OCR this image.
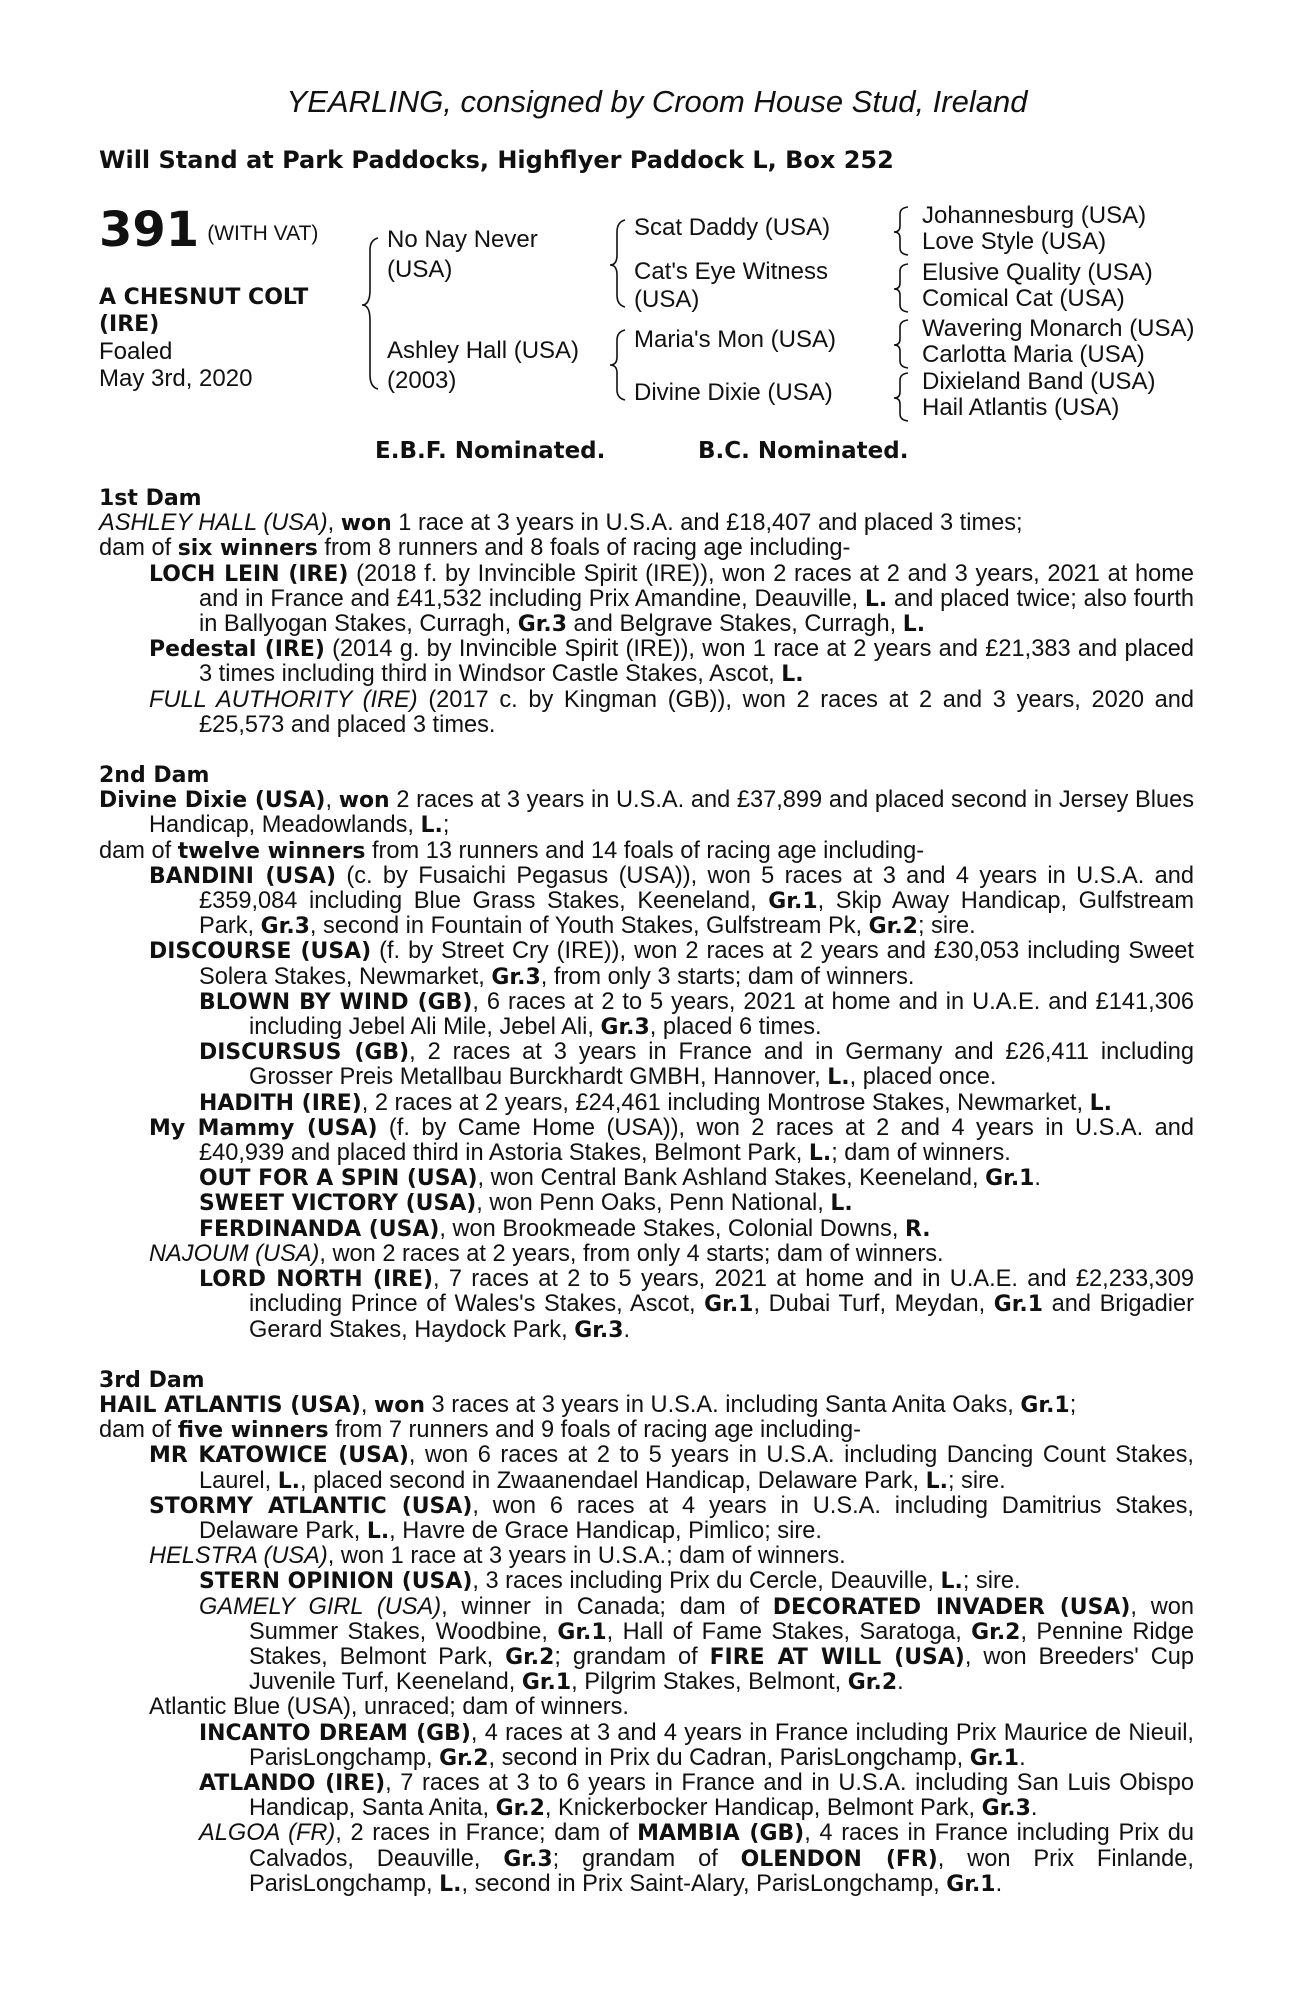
YEARLING, consigned by Croom House Stud, Ireland
Will Stand at Park Paddocks, Highflyer Paddock L, Box 252
391 (WITH VAT)
A CHESNUT COLT
(IRE)
Foaled
May 3rd, 2020
No Nay Never
(USA)
Ashley Hall (USA)
(2003)
Scat Daddy (USA)
Cat's Eye Witness
(USA)
Maria's Mon (USA)
Divine Dixie (USA)
Johannesburg (USA)
Love Style (USA)
Elusive Quality (USA)
Comical Cat (USA)
Wavering Monarch (USA)
Carlotta Maria (USA)
Dixieland Band (USA)
Hail Atlantis (USA)
E.B.F. Nominated.	B.C. Nominated.

1st Dam

ASHLEY HALL (USA), won 1 race at 3 years in U.S.A. and £18,407 and placed 3 times;

dam of six winners from 8 runners and 8 foals of racing age including-

LOCH LEIN (IRE) (2018 f. by Invincible Spirit (IRE)), won 2 races at 2 and 3 years, 2021 at home and in France and £41,532 including Prix Amandine, Deauville, L. and placed twice; also fourth in Ballyogan Stakes, Curragh, Gr.3 and Belgrave Stakes, Curragh, L.

Pedestal (IRE) (2014 g. by Invincible Spirit (IRE)), won 1 race at 2 years and £21,383 and placed 3 times including third in Windsor Castle Stakes, Ascot, L.

FULL AUTHORITY (IRE) (2017 c. by Kingman (GB)), won 2 races at 2 and 3 years, 2020 and £25,573 and placed 3 times.

2nd Dam

Divine Dixie (USA), won 2 races at 3 years in U.S.A. and £37,899 and placed second in Jersey Blues Handicap, Meadowlands, L.;

dam of twelve winners from 13 runners and 14 foals of racing age including-

BANDINI (USA) (c. by Fusaichi Pegasus (USA)), won 5 races at 3 and 4 years in U.S.A. and £359,084 including Blue Grass Stakes, Keeneland, Gr.1, Skip Away Handicap, Gulfstream Park, Gr.3, second in Fountain of Youth Stakes, Gulfstream Pk, Gr.2; sire.

DISCOURSE (USA) (f. by Street Cry (IRE)), won 2 races at 2 years and £30,053 including Sweet Solera Stakes, Newmarket, Gr.3, from only 3 starts; dam of winners.

BLOWN BY WIND (GB), 6 races at 2 to 5 years, 2021 at home and in U.A.E. and £141,306 including Jebel Ali Mile, Jebel Ali, Gr.3, placed 6 times.

DISCURSUS (GB), 2 races at 3 years in France and in Germany and £26,411 including Grosser Preis Metallbau Burckhardt GMBH, Hannover, L., placed once.

HADITH (IRE), 2 races at 2 years, £24,461 including Montrose Stakes, Newmarket, L.

My Mammy (USA) (f. by Came Home (USA)), won 2 races at 2 and 4 years in U.S.A. and £40,939 and placed third in Astoria Stakes, Belmont Park, L.; dam of winners.

OUT FOR A SPIN (USA), won Central Bank Ashland Stakes, Keeneland, Gr.1.

SWEET VICTORY (USA), won Penn Oaks, Penn National, L.

FERDINANDA (USA), won Brookmeade Stakes, Colonial Downs, R.

NAJOUM (USA), won 2 races at 2 years, from only 4 starts; dam of winners.

LORD NORTH (IRE), 7 races at 2 to 5 years, 2021 at home and in U.A.E. and £2,233,309 including Prince of Wales's Stakes, Ascot, Gr.1, Dubai Turf, Meydan, Gr.1 and Brigadier Gerard Stakes, Haydock Park, Gr.3.

3rd Dam

HAIL ATLANTIS (USA), won 3 races at 3 years in U.S.A. including Santa Anita Oaks, Gr.1;

dam of five winners from 7 runners and 9 foals of racing age including-

MR KATOWICE (USA), won 6 races at 2 to 5 years in U.S.A. including Dancing Count Stakes, Laurel, L., placed second in Zwaanendael Handicap, Delaware Park, L.; sire.

STORMY ATLANTIC (USA), won 6 races at 4 years in U.S.A. including Damitrius Stakes, Delaware Park, L., Havre de Grace Handicap, Pimlico; sire.

HELSTRA (USA), won 1 race at 3 years in U.S.A.; dam of winners.

STERN OPINION (USA), 3 races including Prix du Cercle, Deauville, L.; sire.

GAMELY GIRL (USA), winner in Canada; dam of DECORATED INVADER (USA), won Summer Stakes, Woodbine, Gr.1, Hall of Fame Stakes, Saratoga, Gr.2, Pennine Ridge Stakes, Belmont Park, Gr.2; grandam of FIRE AT WILL (USA), won Breeders' Cup Juvenile Turf, Keeneland, Gr.1, Pilgrim Stakes, Belmont, Gr.2.

Atlantic Blue (USA), unraced; dam of winners.

INCANTO DREAM (GB), 4 races at 3 and 4 years in France including Prix Maurice de Nieuil, ParisLongchamp, Gr.2, second in Prix du Cadran, ParisLongchamp, Gr.1.

ATLANDO (IRE), 7 races at 3 to 6 years in France and in U.S.A. including San Luis Obispo Handicap, Santa Anita, Gr.2, Knickerbocker Handicap, Belmont Park, Gr.3.

ALGOA (FR), 2 races in France; dam of MAMBIA (GB), 4 races in France including Prix du Calvados, Deauville, Gr.3; grandam of OLENDON (FR), won Prix Finlande, ParisLongchamp, L., second in Prix Saint-Alary, ParisLongchamp, Gr.1.
